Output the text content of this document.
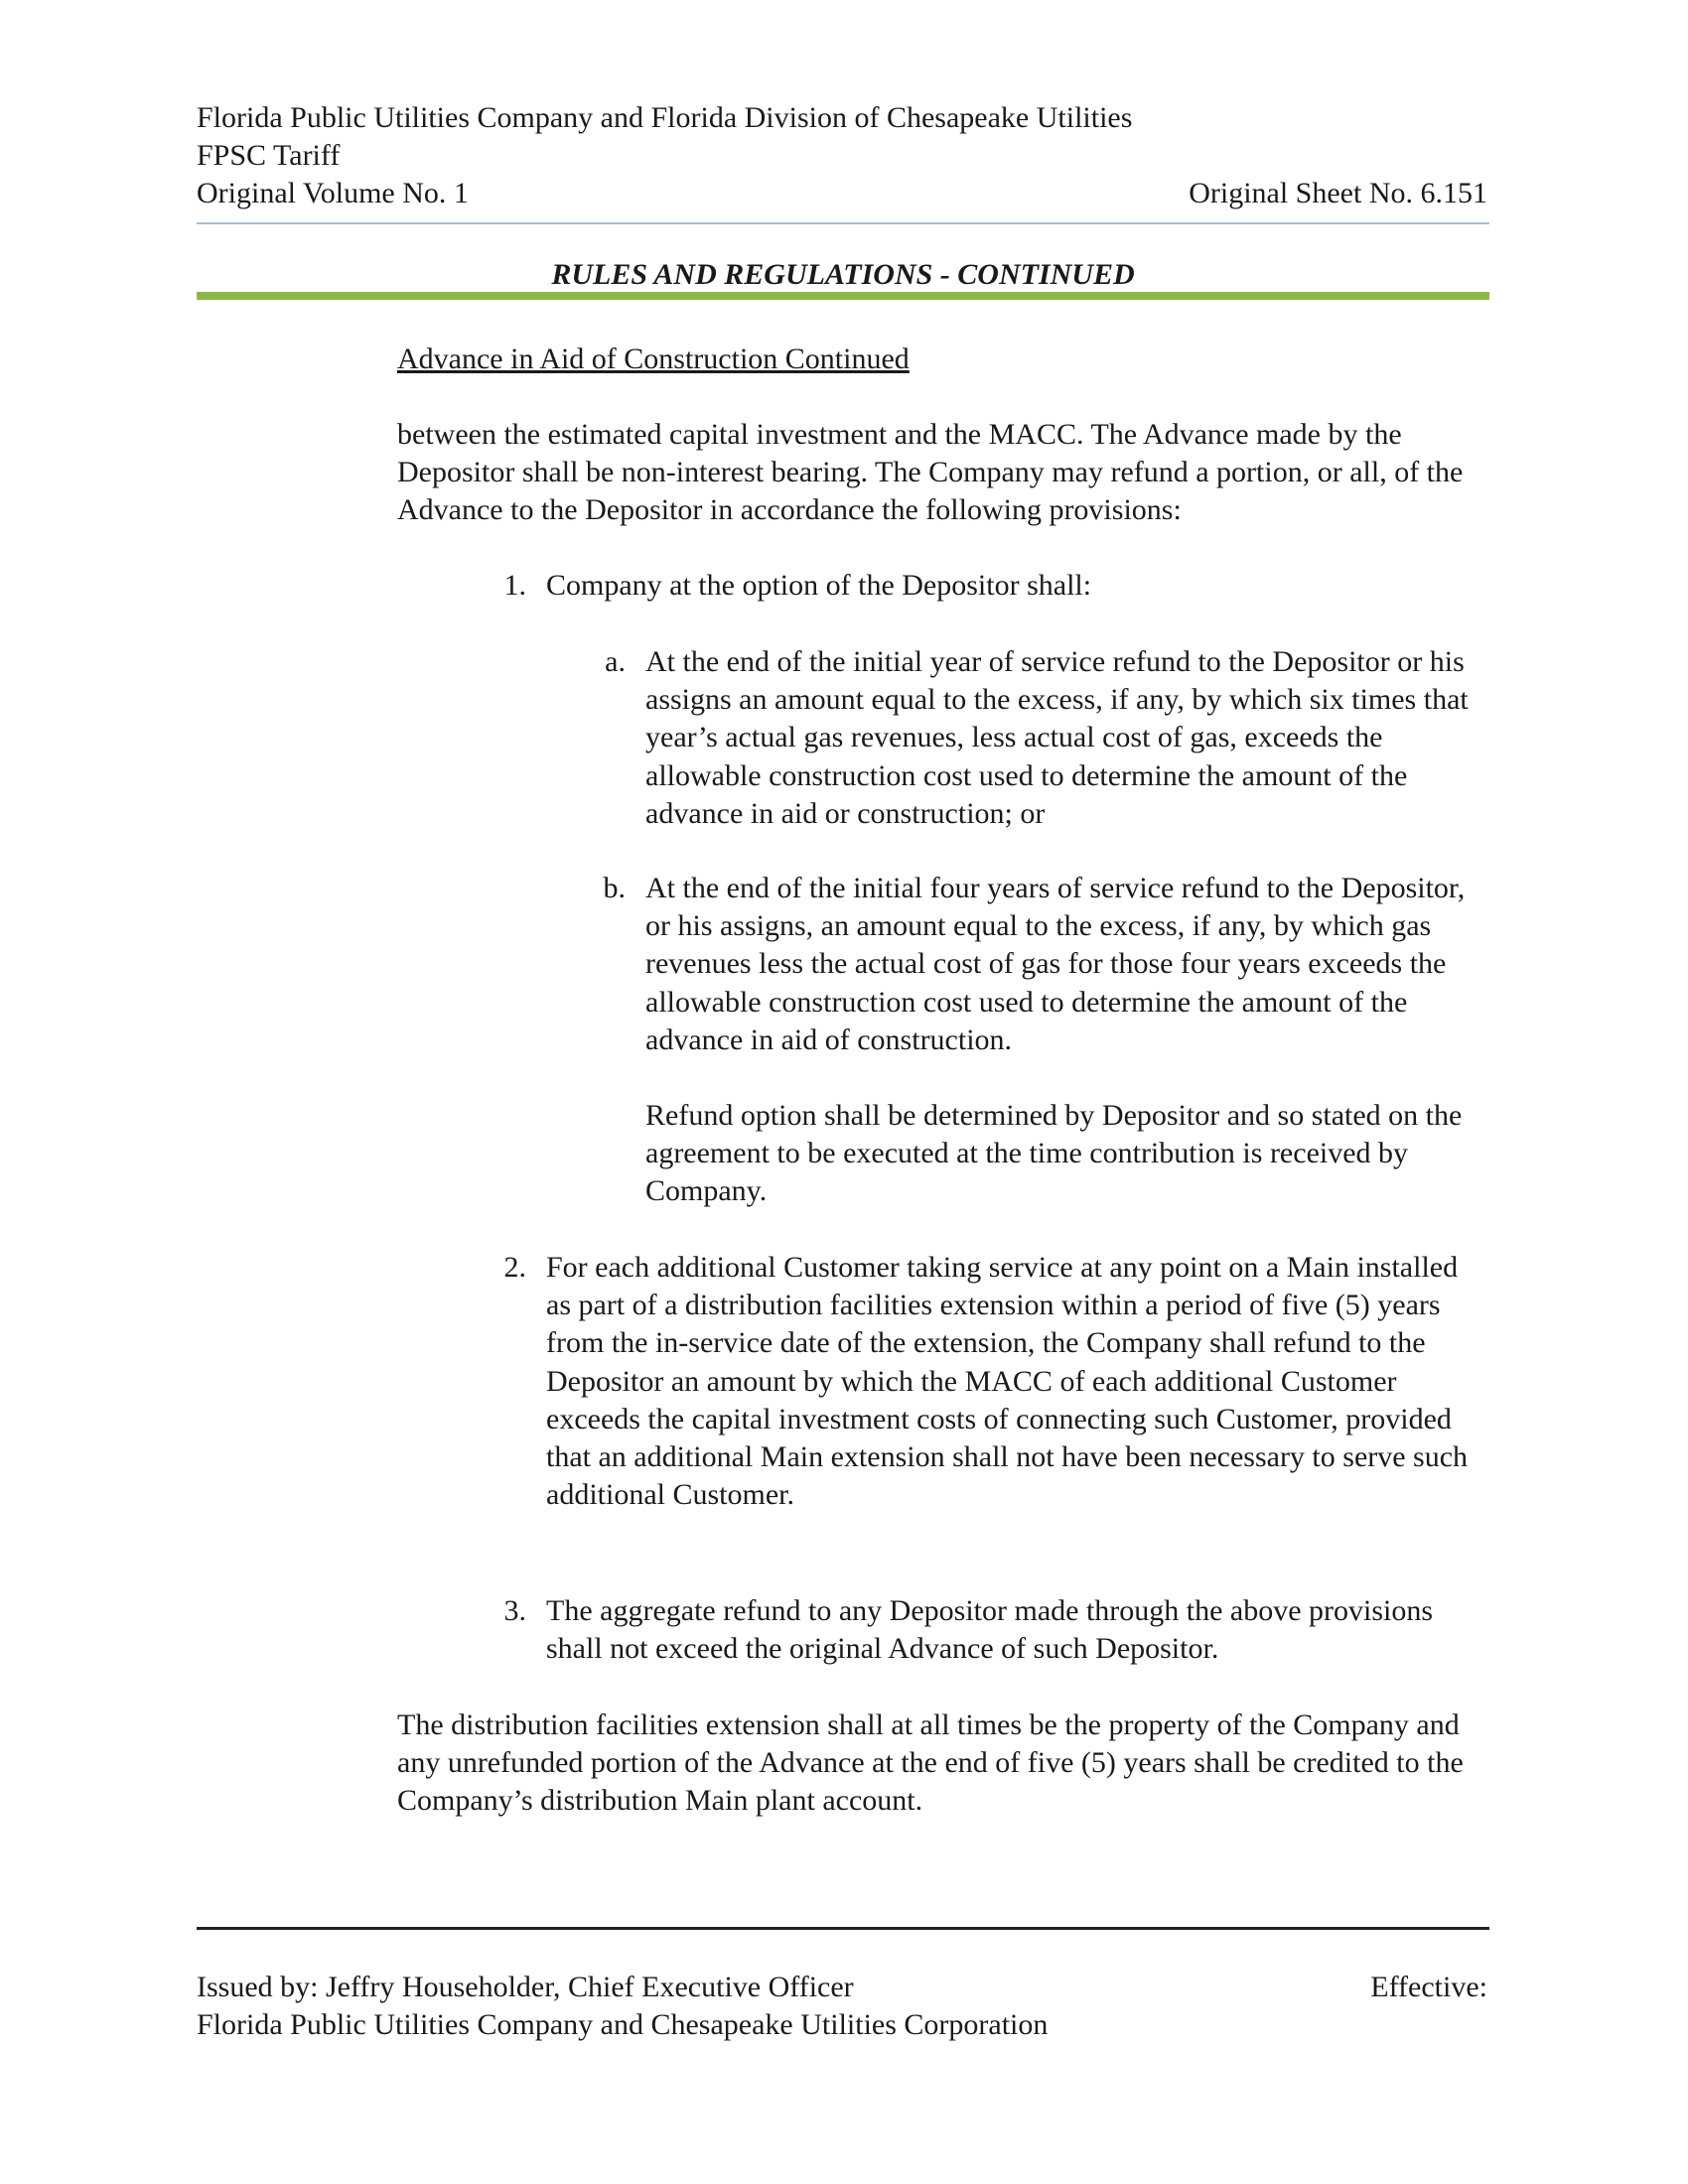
Florida Public Utilities Company and Florida Division of Chesapeake Utilities
FPSC Tariff
Original Volume No. 1	Original Sheet No. 6.151
RULES AND REGULATIONS - CONTINUED
Advance in Aid of Construction Continued

between the estimated capital investment and the MACC. The Advance made by the Depositor shall be non-interest bearing. The Company may refund a portion, or all, of the Advance to the Depositor in accordance the following provisions:

1. Company at the option of the Depositor shall:

a. At the end of the initial year of service refund to the Depositor or his assigns an amount equal to the excess, if any, by which six times that year’s actual gas revenues, less actual cost of gas, exceeds the allowable construction cost used to determine the amount of the advance in aid or construction; or

b. At the end of the initial four years of service refund to the Depositor, or his assigns, an amount equal to the excess, if any, by which gas revenues less the actual cost of gas for those four years exceeds the allowable construction cost used to determine the amount of the advance in aid of construction.

Refund option shall be determined by Depositor and so stated on the agreement to be executed at the time contribution is received by Company.

2. For each additional Customer taking service at any point on a Main installed as part of a distribution facilities extension within a period of five (5) years from the in-service date of the extension, the Company shall refund to the Depositor an amount by which the MACC of each additional Customer exceeds the capital investment costs of connecting such Customer, provided that an additional Main extension shall not have been necessary to serve such additional Customer.

3. The aggregate refund to any Depositor made through the above provisions shall not exceed the original Advance of such Depositor.

The distribution facilities extension shall at all times be the property of the Company and any unrefunded portion of the Advance at the end of five (5) years shall be credited to the Company’s distribution Main plant account.

Issued by: Jeffry Householder, Chief Executive Officer	Effective:
Florida Public Utilities Company and Chesapeake Utilities Corporation
